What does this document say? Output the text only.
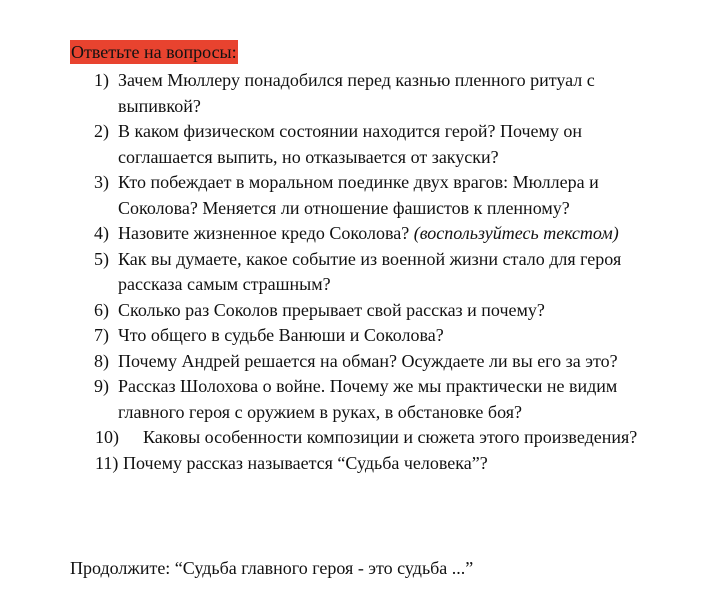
Ответьте на вопросы:
1) Зачем Мюллеру понадобился перед казнью пленного ритуал с выпивкой?
2) В каком физическом состоянии находится герой? Почему он соглашается выпить, но отказывается от закуски?
3) Кто побеждает в моральном поединке двух врагов: Мюллера и Соколова? Меняется ли отношение фашистов к пленному?
4) Назовите жизненное кредо Соколова? (воспользуйтесь текстом)
5) Как вы думаете, какое событие из военной жизни стало для героя рассказа самым страшным?
6) Сколько раз Соколов прерывает свой рассказ и почему?
7) Что общего в судьбе Ванюши и Соколова?
8) Почему Андрей решается на обман? Осуждаете ли вы его за это?
9) Рассказ Шолохова о войне. Почему же мы практически не видим главного героя с оружием в руках, в обстановке боя?
10) Каковы особенности композиции и сюжета этого произведения?
11) Почему рассказ называется “Судьба человека”?
Продолжите: “Судьба главного героя - это судьба ...”
